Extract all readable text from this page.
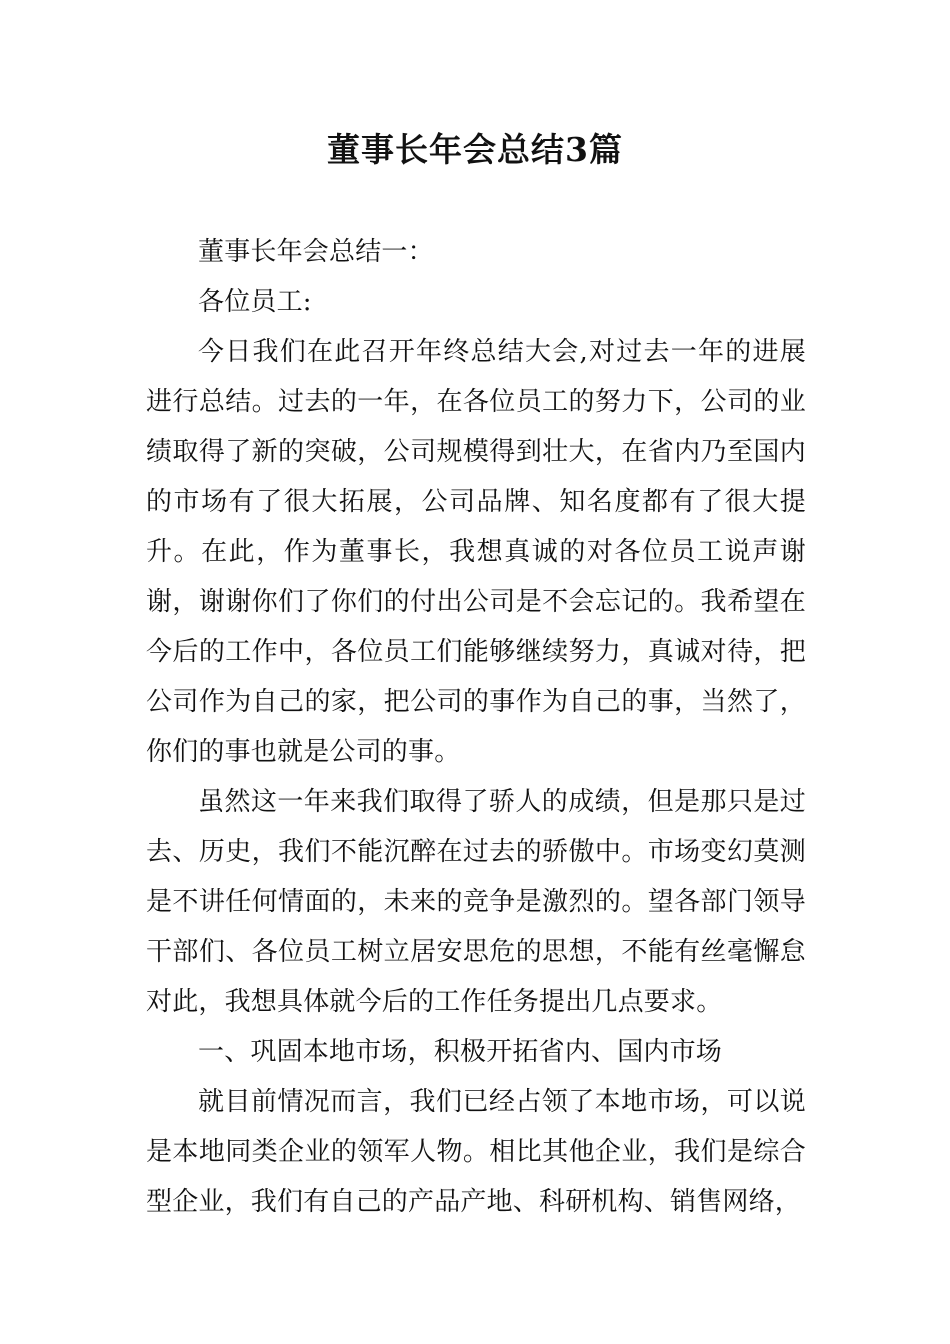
董事长年会总结3篇

董事长年会总结一：

各位员工:

今日我们在此召开年终总结大会,对过去一年的进展进行总结。过去的一年，在各位员工的努力下，公司的业绩取得了新的突破，公司规模得到壮大，在省内乃至国内的市场有了很大拓展，公司品牌、知名度都有了很大提升。在此，作为董事长，我想真诚的对各位员工说声谢谢，谢谢你们了你们的付出公司是不会忘记的。我希望在今后的工作中，各位员工们能够继续努力，真诚对待，把公司作为自己的家，把公司的事作为自己的事，当然了，你们的事也就是公司的事。

虽然这一年来我们取得了骄人的成绩，但是那只是过去、历史，我们不能沉醉在过去的骄傲中。市场变幻莫测是不讲任何情面的，未来的竞争是激烈的。望各部门领导干部们、各位员工树立居安思危的思想，不能有丝毫懈怠对此，我想具体就今后的工作任务提出几点要求。

一、巩固本地市场，积极开拓省内、国内市场

就目前情况而言，我们已经占领了本地市场，可以说是本地同类企业的领军人物。相比其他企业，我们是综合型企业，我们有自己的产品产地、科研机构、销售网络，
